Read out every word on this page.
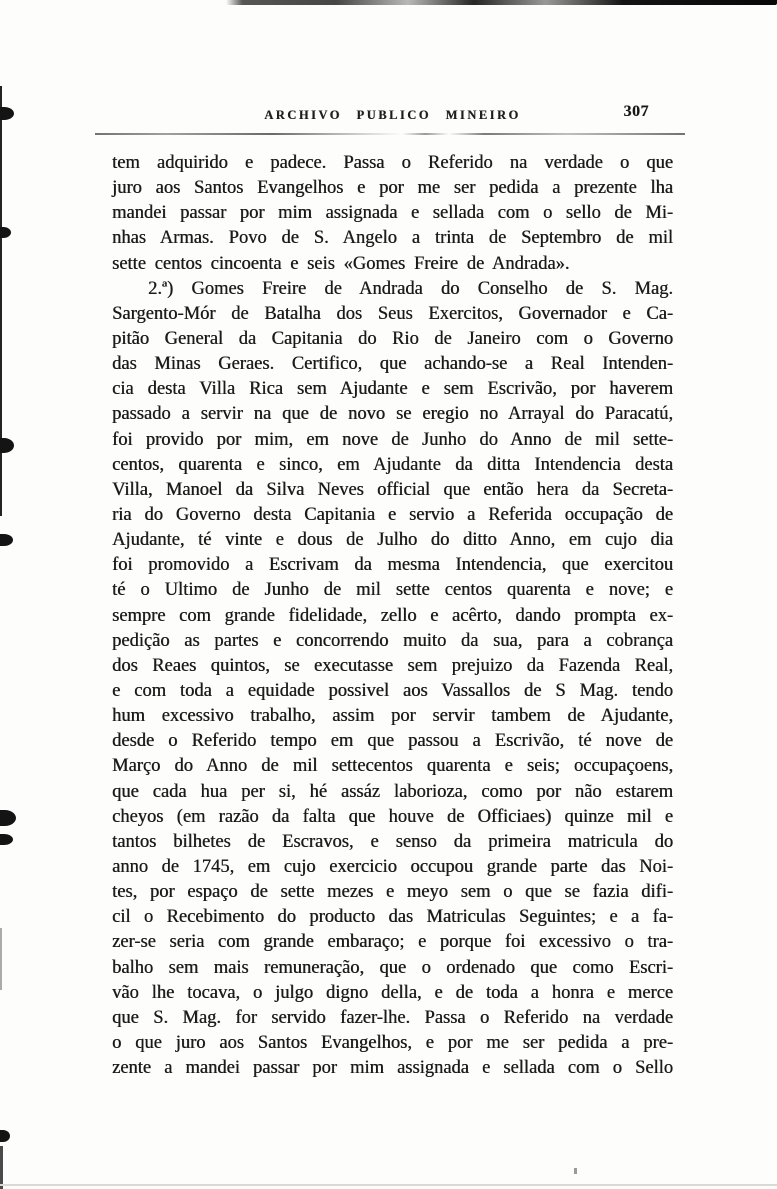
ARCHIVO PUBLICO MINEIRO	307
tem adquirido e padece. Passa o Referido na verdade o que
juro aos Santos Evangelhos e por me ser pedida a prezente lha
mandei passar por mim assignada e sellada com o sello de Mi-
nhas Armas. Povo de S. Angelo a trinta de Septembro de mil
sette centos cincoenta e seis «Gomes Freire de Andrada».
2.ª) Gomes Freire de Andrada do Conselho de S. Mag.
Sargento-Mór de Batalha dos Seus Exercitos, Governador e Ca-
pitão General da Capitania do Rio de Janeiro com o Governo
das Minas Geraes. Certifico, que achando-se a Real Intenden-
cia desta Villa Rica sem Ajudante e sem Escrivão, por haverem
passado a servir na que de novo se eregio no Arrayal do Paracatú,
foi provido por mim, em nove de Junho do Anno de mil sette-
centos, quarenta e sinco, em Ajudante da ditta Intendencia desta
Villa, Manoel da Silva Neves official que então hera da Secreta-
ria do Governo desta Capitania e servio a Referida occupação de
Ajudante, té vinte e dous de Julho do ditto Anno, em cujo dia
foi promovido a Escrivam da mesma Intendencia, que exercitou
té o Ultimo de Junho de mil sette centos quarenta e nove; e
sempre com grande fidelidade, zello e acêrto, dando prompta ex-
pedição as partes e concorrendo muito da sua, para a cobrança
dos Reaes quintos, se executasse sem prejuizo da Fazenda Real,
e com toda a equidade possivel aos Vassallos de S Mag. tendo
hum excessivo trabalho, assim por servir tambem de Ajudante,
desde o Referido tempo em que passou a Escrivão, té nove de
Março do Anno de mil settecentos quarenta e seis; occupaçoens,
que cada hua per si, hé assáz laborioza, como por não estarem
cheyos (em razão da falta que houve de Officiaes) quinze mil e
tantos bilhetes de Escravos, e senso da primeira matricula do
anno de 1745, em cujo exercicio occupou grande parte das Noi-
tes, por espaço de sette mezes e meyo sem o que se fazia difi-
cil o Recebimento do producto das Matriculas Seguintes; e a fa-
zer-se seria com grande embaraço; e porque foi excessivo o tra-
balho sem mais remuneração, que o ordenado que como Escri-
vão lhe tocava, o julgo digno della, e de toda a honra e merce
que S. Mag. for servido fazer-lhe. Passa o Referido na verdade
o que juro aos Santos Evangelhos, e por me ser pedida a pre-
zente a mandei passar por mim assignada e sellada com o Sello
